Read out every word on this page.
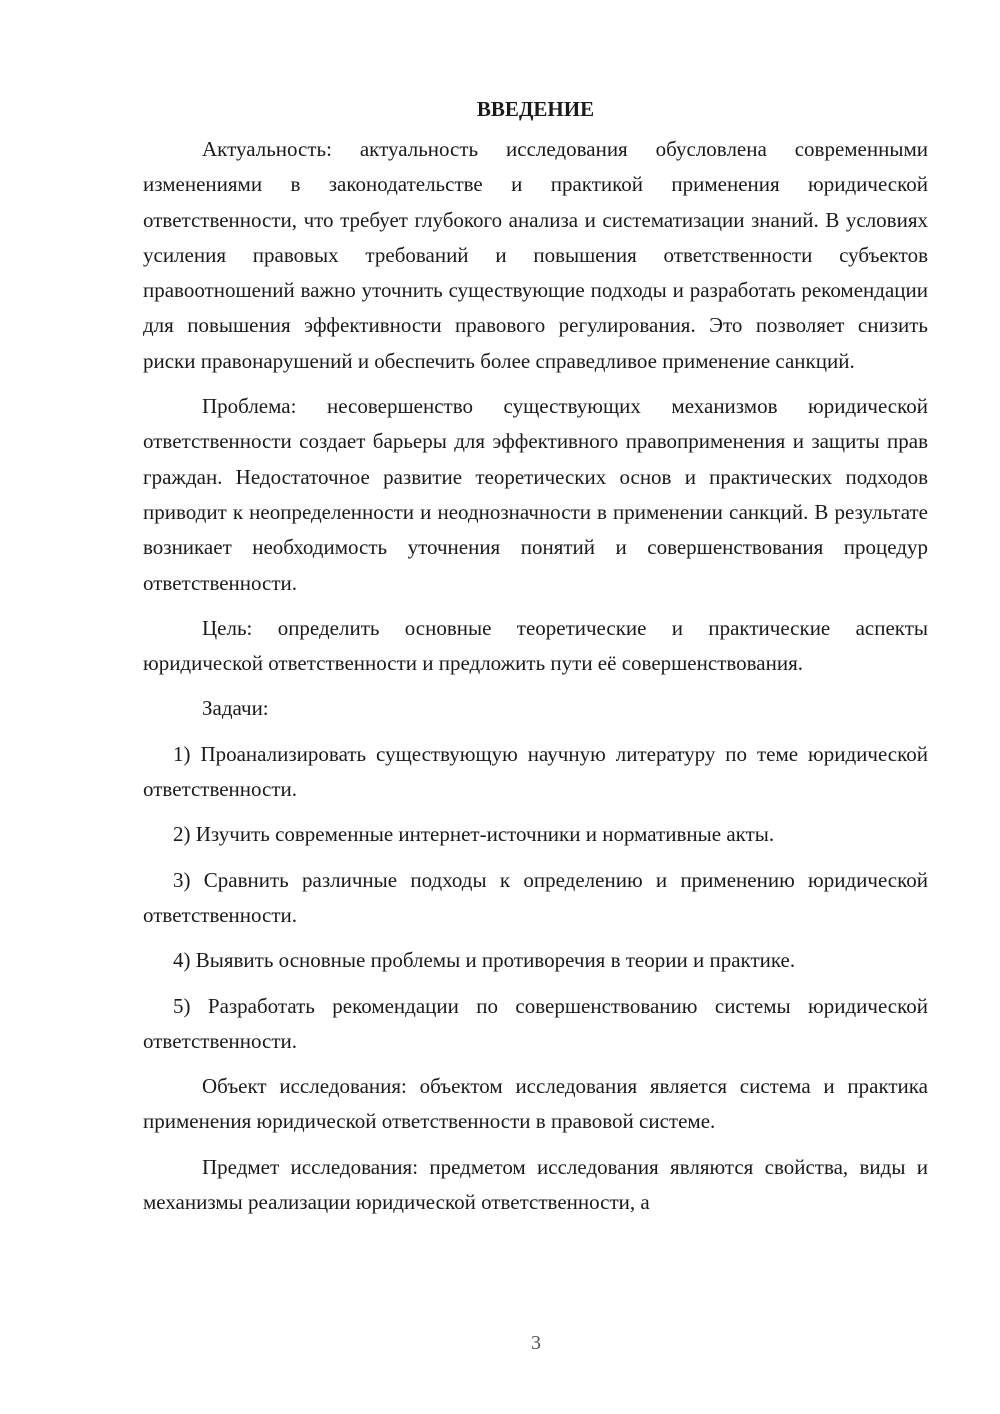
ВВЕДЕНИЕ

Актуальность: актуальность исследования обусловлена современными изменениями в законодательстве и практикой применения юридической ответственности, что требует глубокого анализа и систематизации знаний. В условиях усиления правовых требований и повышения ответственности субъектов правоотношений важно уточнить существующие подходы и разработать рекомендации для повышения эффективности правового регулирования. Это позволяет снизить риски правонарушений и обеспечить более справедливое применение санкций.

Проблема: несовершенство существующих механизмов юридической ответственности создает барьеры для эффективного правоприменения и защиты прав граждан. Недостаточное развитие теоретических основ и практических подходов приводит к неопределенности и неоднозначности в применении санкций. В результате возникает необходимость уточнения понятий и совершенствования процедур ответственности.

Цель: определить основные теоретические и практические аспекты юридической ответственности и предложить пути её совершенствования.

Задачи:

1) Проанализировать существующую научную литературу по теме юридической ответственности.

2) Изучить современные интернет-источники и нормативные акты.

3) Сравнить различные подходы к определению и применению юридической ответственности.

4) Выявить основные проблемы и противоречия в теории и практике.

5) Разработать рекомендации по совершенствованию системы юридической ответственности.

Объект исследования: объектом исследования является система и практика применения юридической ответственности в правовой системе.

Предмет исследования: предметом исследования являются свойства, виды и механизмы реализации юридической ответственности, а

3
